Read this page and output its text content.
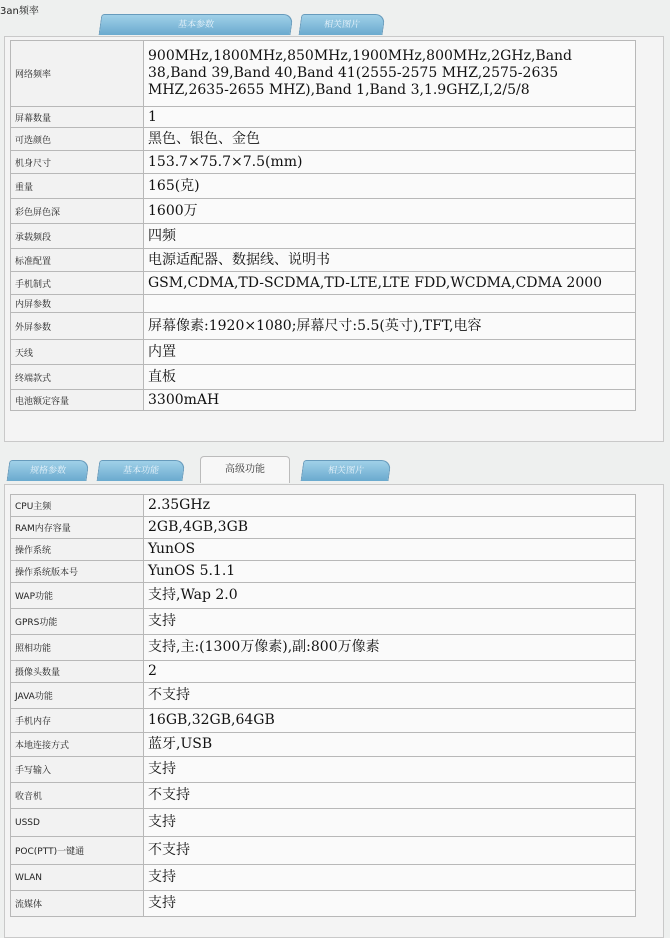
3an频率
基本参数	相关图片
网络频率	900MHz,1800MHz,850MHz,1900MHz,800MHz,2GHz,Band 38,Band 39,Band 40,Band 41(2555-2575 MHZ,2575-2635 MHZ,2635-2655 MHZ),Band 1,Band 3,1.9GHZ,I,2/5/8
屏幕数量	1
可选颜色	黑色、银色、金色
机身尺寸	153.7×75.7×7.5(mm)
重量	165(克)
彩色屏色深	1600万
承载频段	四频
标准配置	电源适配器、数据线、说明书
手机制式	GSM,CDMA,TD-SCDMA,TD-LTE,LTE FDD,WCDMA,CDMA 2000
内屏参数	
外屏参数	屏幕像素:1920×1080;屏幕尺寸:5.5(英寸),TFT,电容
天线	内置
终端款式	直板
电池额定容量	3300mAH
规格参数	基本功能	高级功能	相关图片
CPU主频	2.35GHz
RAM内存容量	2GB,4GB,3GB
操作系统	YunOS
操作系统版本号	YunOS 5.1.1
WAP功能	支持,Wap 2.0
GPRS功能	支持
照相功能	支持,主:(1300万像素),副:800万像素
摄像头数量	2
JAVA功能	不支持
手机内存	16GB,32GB,64GB
本地连接方式	蓝牙,USB
手写输入	支持
收音机	不支持
USSD	支持
POC(PTT)一键通	不支持
WLAN	支持
流媒体	支持
